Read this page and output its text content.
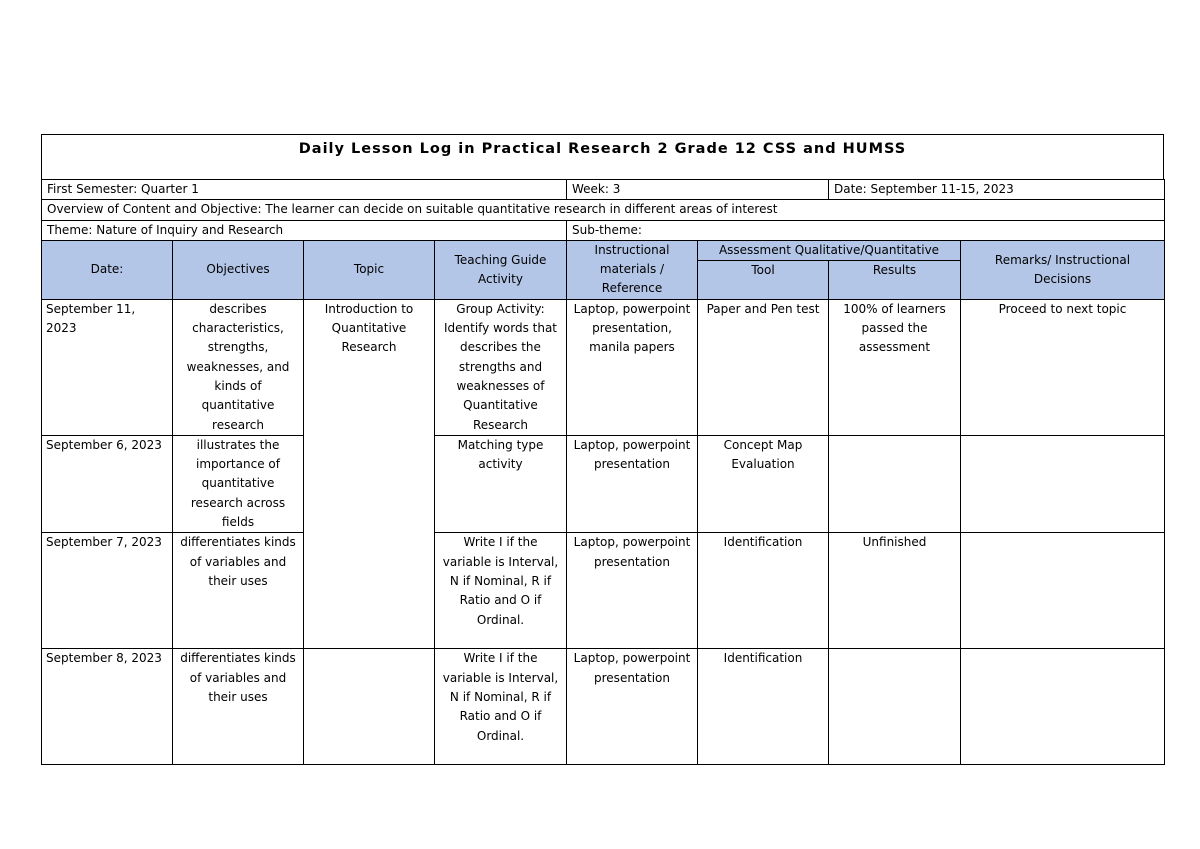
Daily Lesson Log in Practical Research 2 Grade 12 CSS and HUMSS
First Semester: Quarter 1				Week: 3		Date: September 11-15, 2023	
Overview of Content and Objective: The learner can decide on suitable quantitative research in different areas of interest							
Theme: Nature of Inquiry and Research				Sub-theme:			
Date:	Objectives	Topic	Teaching Guide Activity	Instructional materials / Reference	Assessment Qualitative/Quantitative		Remarks/ Instructional Decisions
					Tool	Results	
September 11, 2023	describes characteristics, strengths, weaknesses, and kinds of quantitative research	Introduction to Quantitative Research	Group Activity: Identify words that describes the strengths and weaknesses of Quantitative Research	Laptop, powerpoint presentation, manila papers	Paper and Pen test	100% of learners passed the assessment	Proceed to next topic
September 6, 2023	illustrates the importance of quantitative research across fields		Matching type activity	Laptop, powerpoint presentation	Concept Map Evaluation		
September 7, 2023	differentiates kinds of variables and their uses		Write I if the variable is Interval, N if Nominal, R if Ratio and O if Ordinal.	Laptop, powerpoint presentation	Identification	Unfinished	
September 8, 2023	differentiates kinds of variables and their uses		Write I if the variable is Interval, N if Nominal, R if Ratio and O if Ordinal.	Laptop, powerpoint presentation	Identification		
